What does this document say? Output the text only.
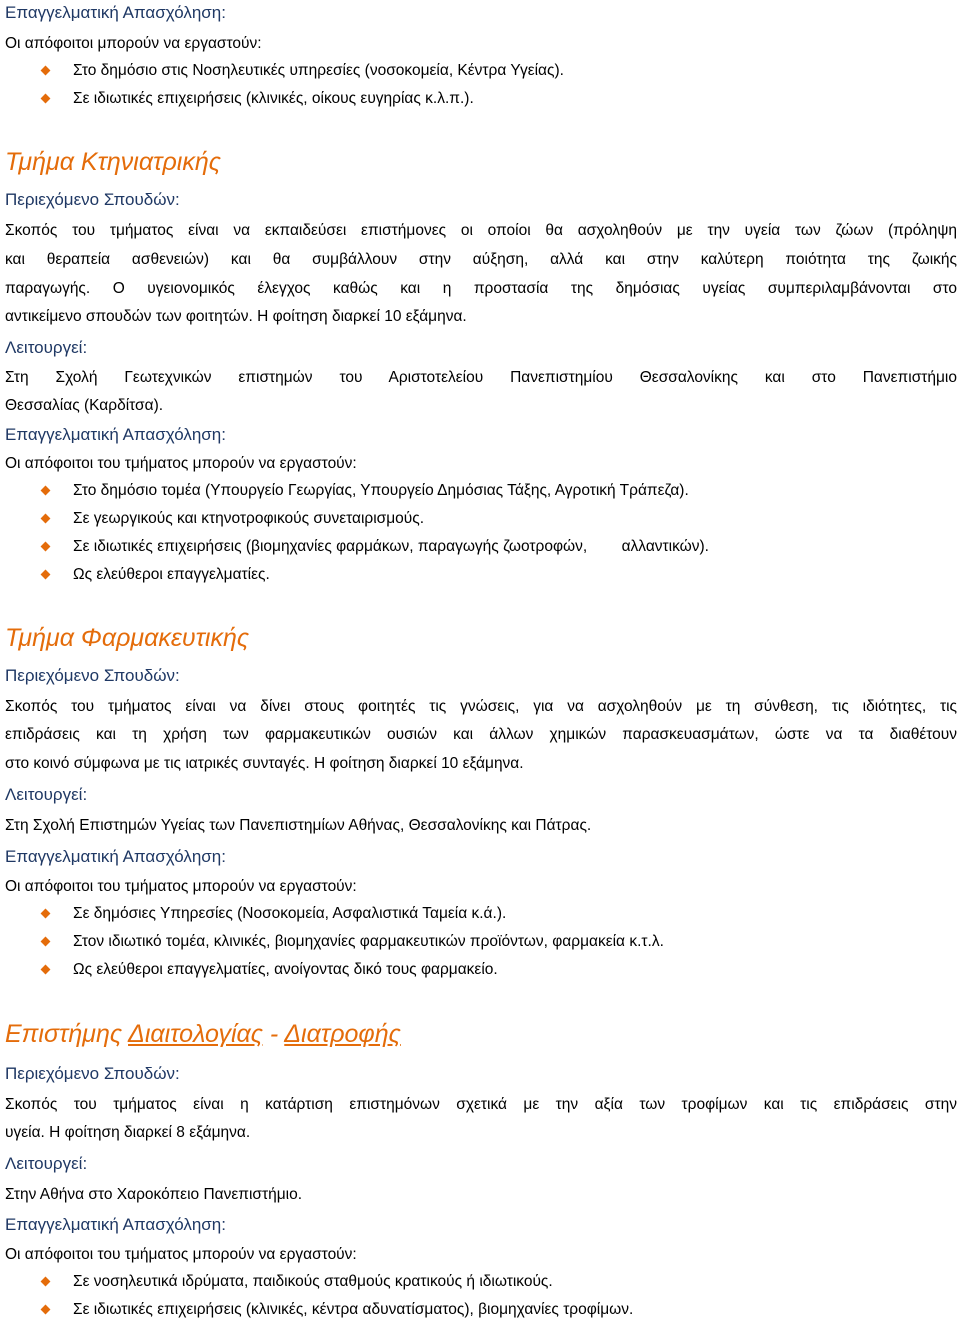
Επαγγελματική Απασχόληση:
Οι απόφοιτοι μπορούν να εργαστούν:
Στο δημόσιο στις Νοσηλευτικές υπηρεσίες (νοσοκομεία, Κέντρα Υγείας).
Σε ιδιωτικές επιχειρήσεις (κλινικές, οίκους ευγηρίας κ.λ.π.).
Τμήμα Κτηνιατρικής
Περιεχόμενο Σπουδών:
Σκοπός του τμήματος είναι να εκπαιδεύσει επιστήμονες οι οποίοι θα ασχοληθούν με την υγεία των ζώων (πρόληψη
και θεραπεία ασθενειών) και θα συμβάλλουν στην αύξηση, αλλά και στην καλύτερη ποιότητα της ζωικής
παραγωγής. Ο υγειονομικός έλεγχος καθώς και η προστασία της δημόσιας υγείας συμπεριλαμβάνονται στο
αντικείμενο σπουδών των φοιτητών. Η φοίτηση διαρκεί 10 εξάμηνα.
Λειτουργεί:
Στη Σχολή Γεωτεχνικών επιστημών του Αριστοτελείου Πανεπιστημίου Θεσσαλονίκης και στο Πανεπιστήμιο
Θεσσαλίας (Καρδίτσα).
Επαγγελματική Απασχόληση:
Οι απόφοιτοι του τμήματος μπορούν να εργαστούν:
Στο δημόσιο τομέα (Υπουργείο Γεωργίας, Υπουργείο Δημόσιας Τάξης, Αγροτική Τράπεζα).
Σε γεωργικούς και κτηνοτροφικούς συνεταιρισμούς.
Σε ιδιωτικές επιχειρήσεις (βιομηχανίες φαρμάκων, παραγωγής ζωοτροφών,        αλλαντικών).
Ως ελεύθεροι επαγγελματίες.
Τμήμα Φαρμακευτικής
Περιεχόμενο Σπουδών:
Σκοπός του τμήματος είναι να δίνει στους φοιτητές τις γνώσεις, για να ασχοληθούν με τη σύνθεση, τις ιδιότητες, τις
επιδράσεις και τη χρήση των φαρμακευτικών ουσιών και άλλων χημικών παρασκευασμάτων, ώστε να τα διαθέτουν
στο κοινό σύμφωνα με τις ιατρικές συνταγές. Η φοίτηση διαρκεί 10 εξάμηνα.
Λειτουργεί:
Στη Σχολή Επιστημών Υγείας των Πανεπιστημίων Αθήνας, Θεσσαλονίκης και Πάτρας.
Επαγγελματική Απασχόληση:
Οι απόφοιτοι του τμήματος μπορούν να εργαστούν:
Σε δημόσιες Υπηρεσίες (Νοσοκομεία, Ασφαλιστικά Ταμεία κ.ά.).
Στον ιδιωτικό τομέα, κλινικές, βιομηχανίες φαρμακευτικών προϊόντων, φαρμακεία κ.τ.λ.
Ως ελεύθεροι επαγγελματίες, ανοίγοντας δικό τους φαρμακείο.
Επιστήμης Διαιτολογίας - Διατροφής
Περιεχόμενο Σπουδών:
Σκοπός του τμήματος είναι η κατάρτιση επιστημόνων σχετικά με την αξία των τροφίμων και τις επιδράσεις στην
υγεία. Η φοίτηση διαρκεί 8 εξάμηνα.
Λειτουργεί:
Στην Αθήνα στο Χαροκόπειο Πανεπιστήμιο.
Επαγγελματική Απασχόληση:
Οι απόφοιτοι του τμήματος μπορούν να εργαστούν:
Σε νοσηλευτικά ιδρύματα, παιδικούς σταθμούς κρατικούς ή ιδιωτικούς.
Σε ιδιωτικές επιχειρήσεις (κλινικές, κέντρα αδυνατίσματος), βιομηχανίες τροφίμων.
